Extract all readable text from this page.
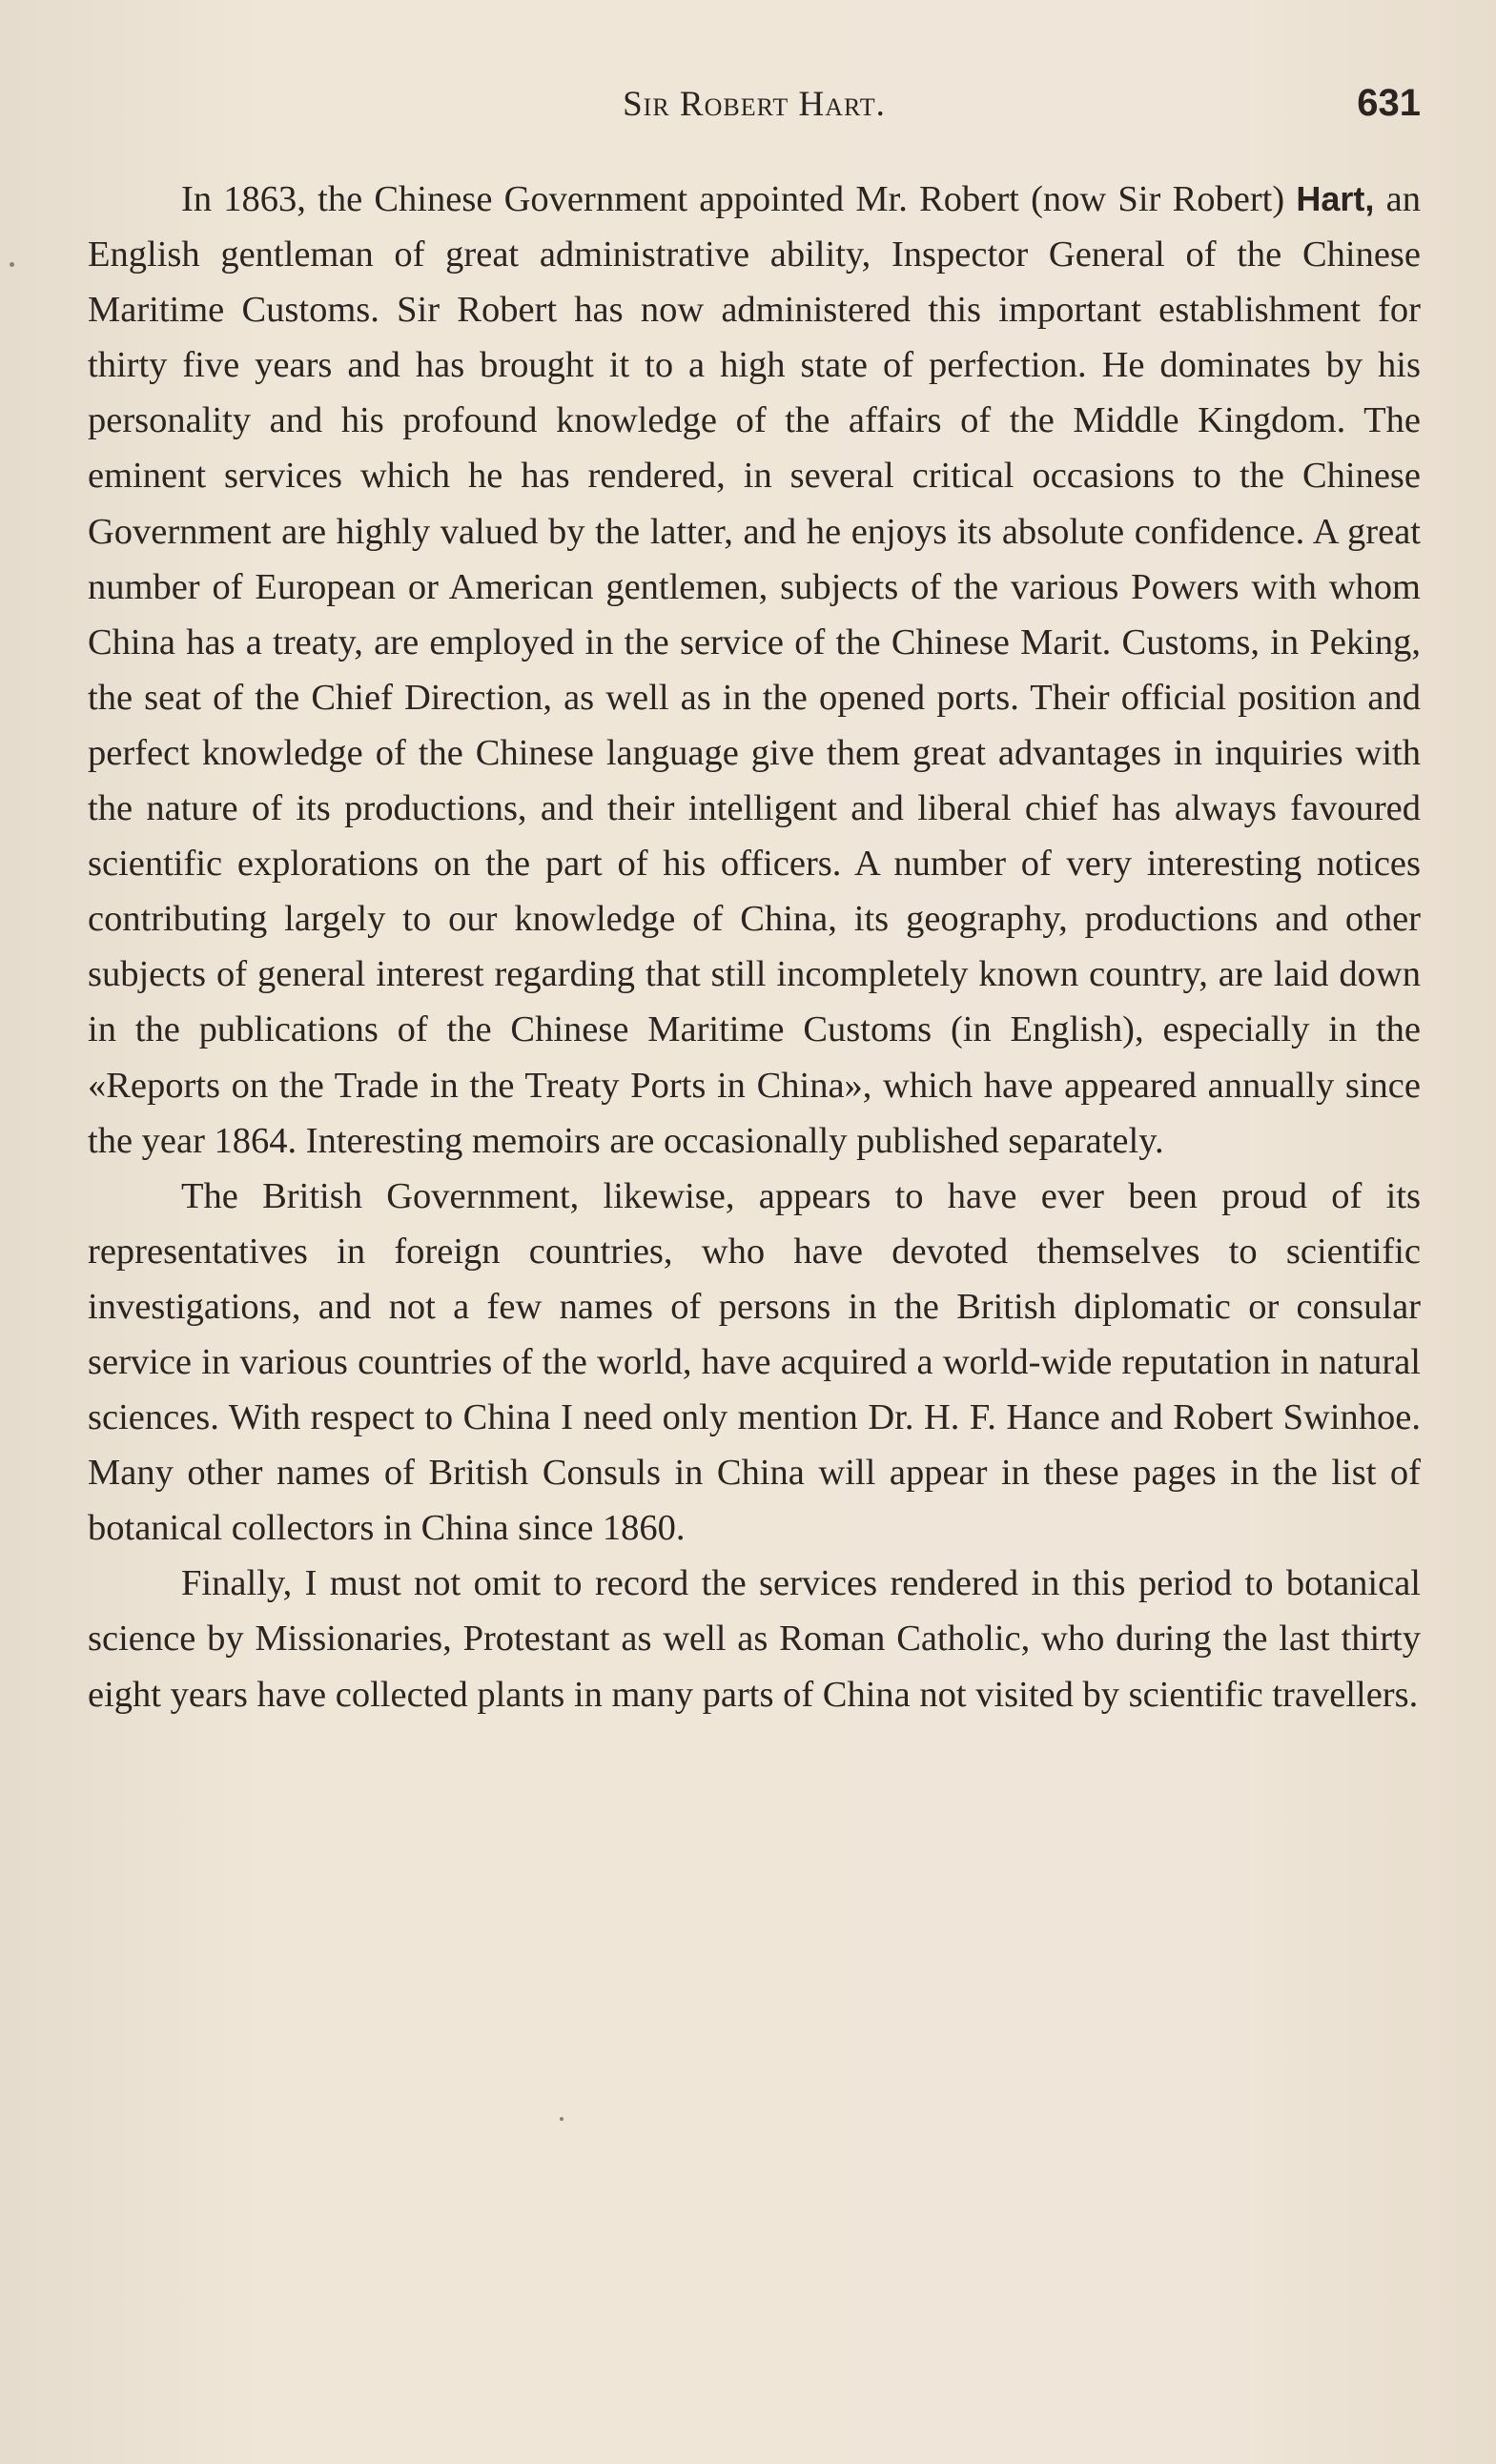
Sir Robert Hart.	631

In 1863, the Chinese Government appointed Mr. Robert (now Sir Robert) Hart, an English gentleman of great administrative ability, Inspector General of the Chinese Maritime Customs. Sir Robert has now administered this important establishment for thirty five years and has brought it to a high state of perfection. He dominates by his personality and his profound knowledge of the affairs of the Middle Kingdom. The eminent services which he has rendered, in several critical occasions to the Chinese Government are highly valued by the latter, and he enjoys its absolute confidence. A great number of European or American gentlemen, subjects of the various Powers with whom China has a treaty, are employed in the service of the Chinese Marit. Customs, in Peking, the seat of the Chief Direction, as well as in the opened ports. Their official position and perfect knowledge of the Chinese language give them great advantages in inquiries with the nature of its productions, and their intelligent and liberal chief has always favoured scientific explorations on the part of his officers. A number of very interesting notices contributing largely to our knowledge of China, its geography, productions and other subjects of general interest regarding that still incompletely known country, are laid down in the publications of the Chinese Maritime Customs (in English), especially in the «Reports on the Trade in the Treaty Ports in China», which have appeared annually since the year 1864. Interesting memoirs are occasionally published separately.

The British Government, likewise, appears to have ever been proud of its representatives in foreign countries, who have devoted themselves to scientific investigations, and not a few names of persons in the British diplomatic or consular service in various countries of the world, have acquired a world-wide reputation in natural sciences. With respect to China I need only mention Dr. H. F. Hance and Robert Swinhoe. Many other names of British Consuls in China will appear in these pages in the list of botanical collectors in China since 1860.

Finally, I must not omit to record the services rendered in this period to botanical science by Missionaries, Protestant as well as Roman Catholic, who during the last thirty eight years have collected plants in many parts of China not visited by scientific travellers.
